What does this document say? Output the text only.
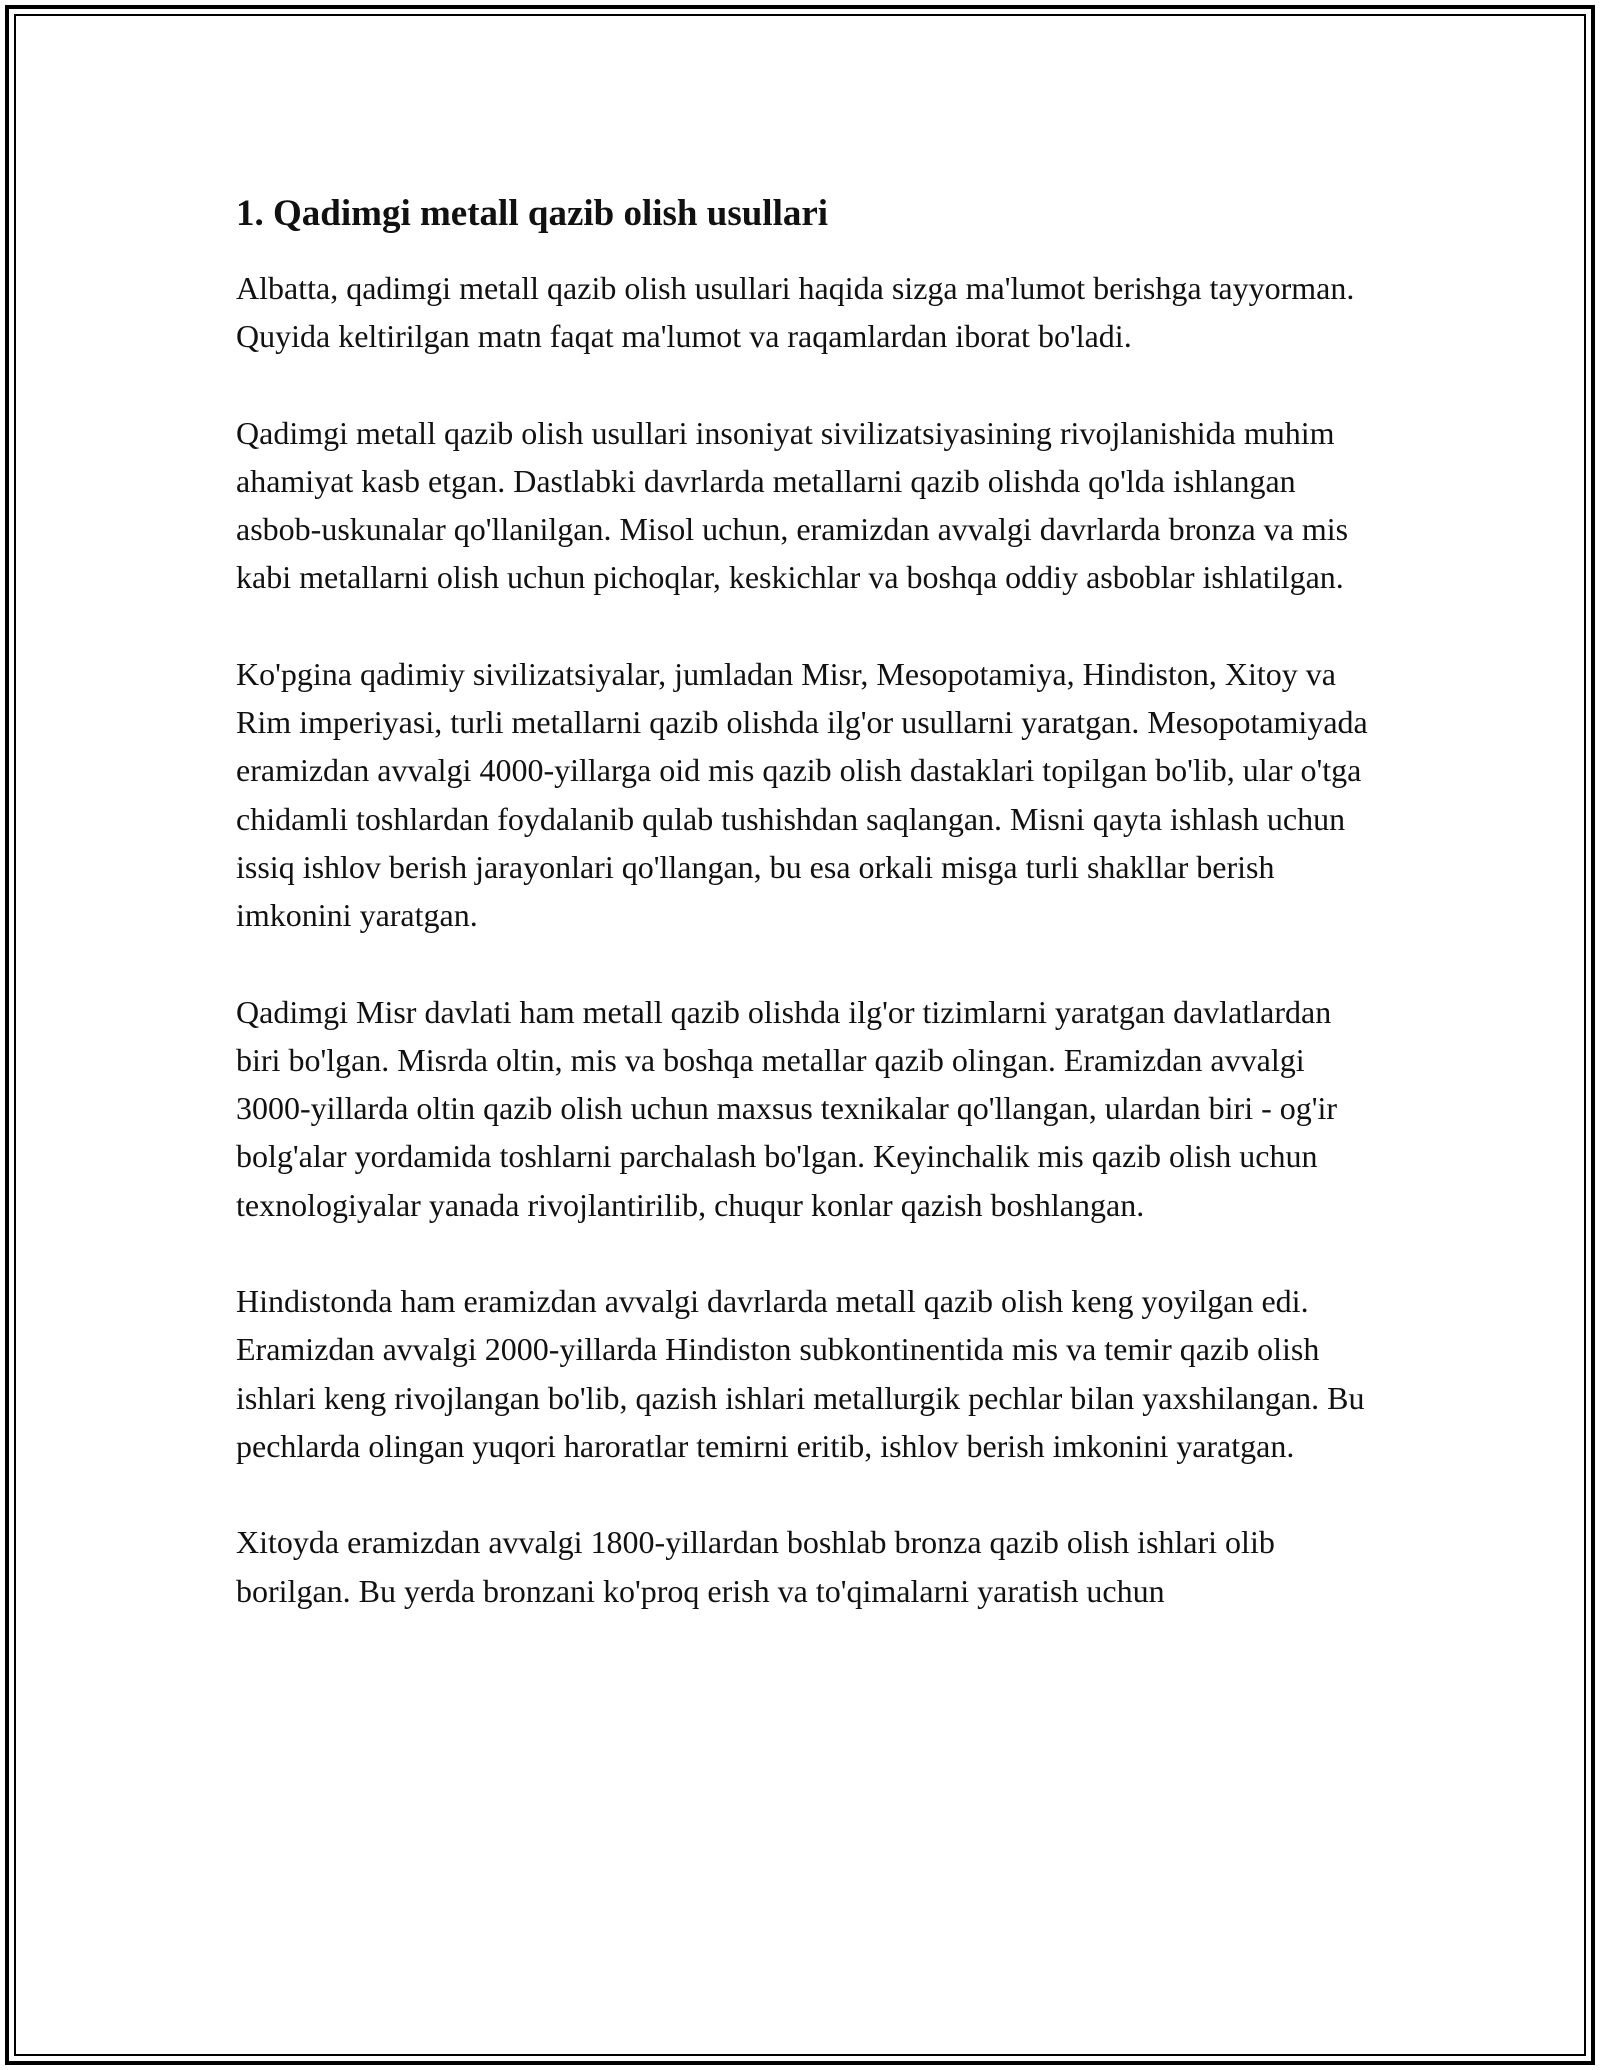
1. Qadimgi metall qazib olish usullari

Albatta, qadimgi metall qazib olish usullari haqida sizga ma'lumot berishga tayyorman. Quyida keltirilgan matn faqat ma'lumot va raqamlardan iborat bo'ladi.

Qadimgi metall qazib olish usullari insoniyat sivilizatsiyasining rivojlanishida muhim ahamiyat kasb etgan. Dastlabki davrlarda metallarni qazib olishda qo'lda ishlangan asbob-uskunalar qo'llanilgan. Misol uchun, eramizdan avvalgi davrlarda bronza va mis kabi metallarni olish uchun pichoqlar, keskichlar va boshqa oddiy asboblar ishlatilgan.

Ko'pgina qadimiy sivilizatsiyalar, jumladan Misr, Mesopotamiya, Hindiston, Xitoy va Rim imperiyasi, turli metallarni qazib olishda ilg'or usullarni yaratgan. Mesopotamiyada eramizdan avvalgi 4000-yillarga oid mis qazib olish dastaklari topilgan bo'lib, ular o'tga chidamli toshlardan foydalanib qulab tushishdan saqlangan. Misni qayta ishlash uchun issiq ishlov berish jarayonlari qo'llangan, bu esa orkali misga turli shakllar berish imkonini yaratgan.

Qadimgi Misr davlati ham metall qazib olishda ilg'or tizimlarni yaratgan davlatlardan biri bo'lgan. Misrda oltin, mis va boshqa metallar qazib olingan. Eramizdan avvalgi 3000-yillarda oltin qazib olish uchun maxsus texnikalar qo'llangan, ulardan biri - og'ir bolg'alar yordamida toshlarni parchalash bo'lgan. Keyinchalik mis qazib olish uchun texnologiyalar yanada rivojlantirilib, chuqur konlar qazish boshlangan.

Hindistonda ham eramizdan avvalgi davrlarda metall qazib olish keng yoyilgan edi. Eramizdan avvalgi 2000-yillarda Hindiston subkontinentida mis va temir qazib olish ishlari keng rivojlangan bo'lib, qazish ishlari metallurgik pechlar bilan yaxshilangan. Bu pechlarda olingan yuqori haroratlar temirni eritib, ishlov berish imkonini yaratgan.

Xitoyda eramizdan avvalgi 1800-yillardan boshlab bronza qazib olish ishlari olib borilgan. Bu yerda bronzani ko'proq erish va to'qimalarni yaratish uchun
